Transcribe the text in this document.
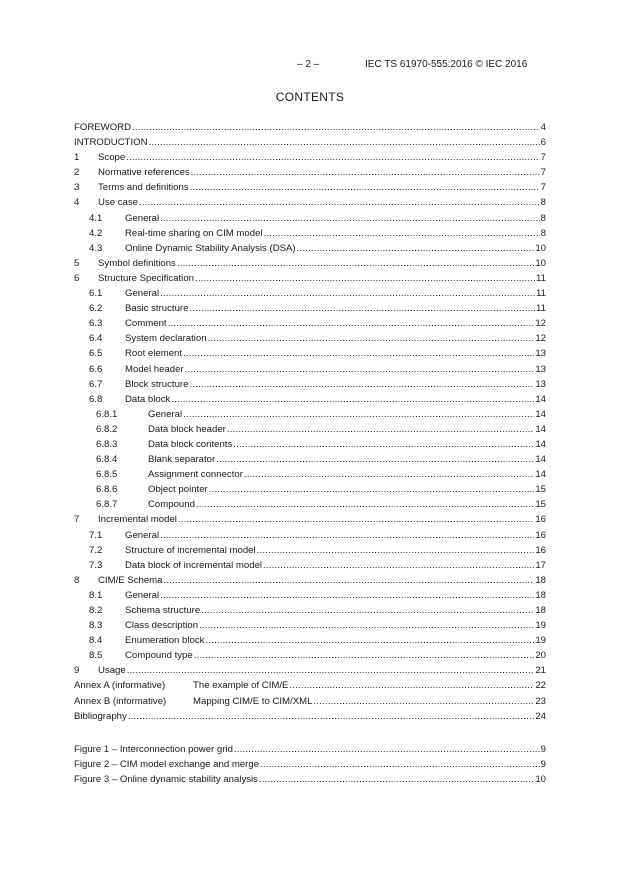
– 2 –	IEC TS 61970-555:2016 © IEC 2016
CONTENTS
FOREWORD .....	4
INTRODUCTION .....	6
1	Scope .....	7
2	Normative references .....	7
3	Terms and definitions .....	7
4	Use case .....	8
4.1	General .....	8
4.2	Real-time sharing on CIM model .....	8
4.3	Online Dynamic Stability Analysis (DSA) .....	10
5	Symbol definitions .....	10
6	Structure Specification .....	11
6.1	General .....	11
6.2	Basic structure .....	11
6.3	Comment .....	12
6.4	System declaration .....	12
6.5	Root element .....	13
6.6	Model header .....	13
6.7	Block structure .....	13
6.8	Data block .....	14
6.8.1	General .....	14
6.8.2	Data block header .....	14
6.8.3	Data block contents .....	14
6.8.4	Blank separator .....	14
6.8.5	Assignment connector .....	14
6.8.6	Object pointer .....	15
6.8.7	Compound .....	15
7	Incremental model .....	16
7.1	General .....	16
7.2	Structure of incremental model .....	16
7.3	Data block of incremental model .....	17
8	CIM/E Schema .....	18
8.1	General .....	18
8.2	Schema structure .....	18
8.3	Class description .....	19
8.4	Enumeration block .....	19
8.5	Compound type .....	20
9	Usage .....	21
Annex A (informative)	The example of CIM/E .....	22
Annex B (informative)	Mapping CIM/E to CIM/XML .....	23
Bibliography .....	24
Figure 1 – Interconnection power grid .....	9
Figure 2 – CIM model exchange and merge .....	9
Figure 3 – Online dynamic stability analysis .....	10
